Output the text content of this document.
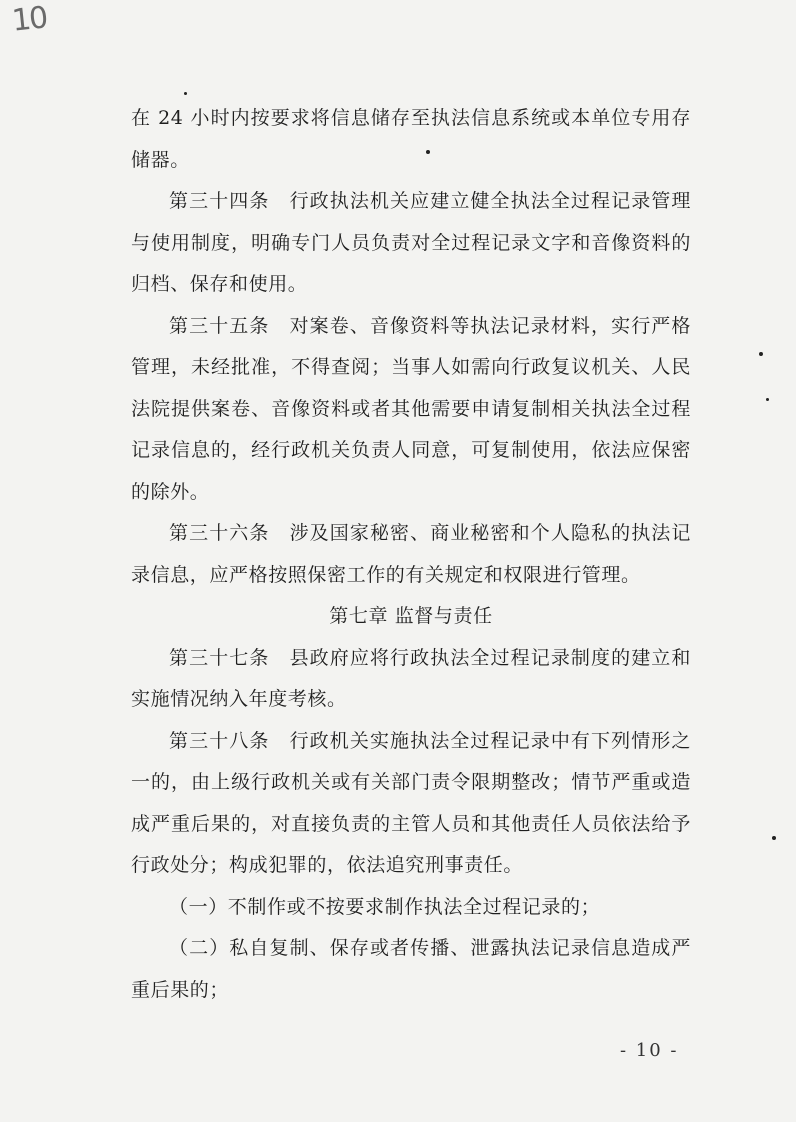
10

在 24 小时内按要求将信息储存至执法信息系统或本单位专用存储器。

第三十四条　行政执法机关应建立健全执法全过程记录管理与使用制度，明确专门人员负责对全过程记录文字和音像资料的归档、保存和使用。

第三十五条　对案卷、音像资料等执法记录材料，实行严格管理，未经批准，不得查阅；当事人如需向行政复议机关、人民法院提供案卷、音像资料或者其他需要申请复制相关执法全过程记录信息的，经行政机关负责人同意，可复制使用，依法应保密的除外。

第三十六条　涉及国家秘密、商业秘密和个人隐私的执法记录信息，应严格按照保密工作的有关规定和权限进行管理。

第七章 监督与责任

第三十七条　县政府应将行政执法全过程记录制度的建立和实施情况纳入年度考核。

第三十八条　行政机关实施执法全过程记录中有下列情形之一的，由上级行政机关或有关部门责令限期整改；情节严重或造成严重后果的，对直接负责的主管人员和其他责任人员依法给予行政处分；构成犯罪的，依法追究刑事责任。

（一）不制作或不按要求制作执法全过程记录的；

（二）私自复制、保存或者传播、泄露执法记录信息造成严重后果的；

- 10 -
